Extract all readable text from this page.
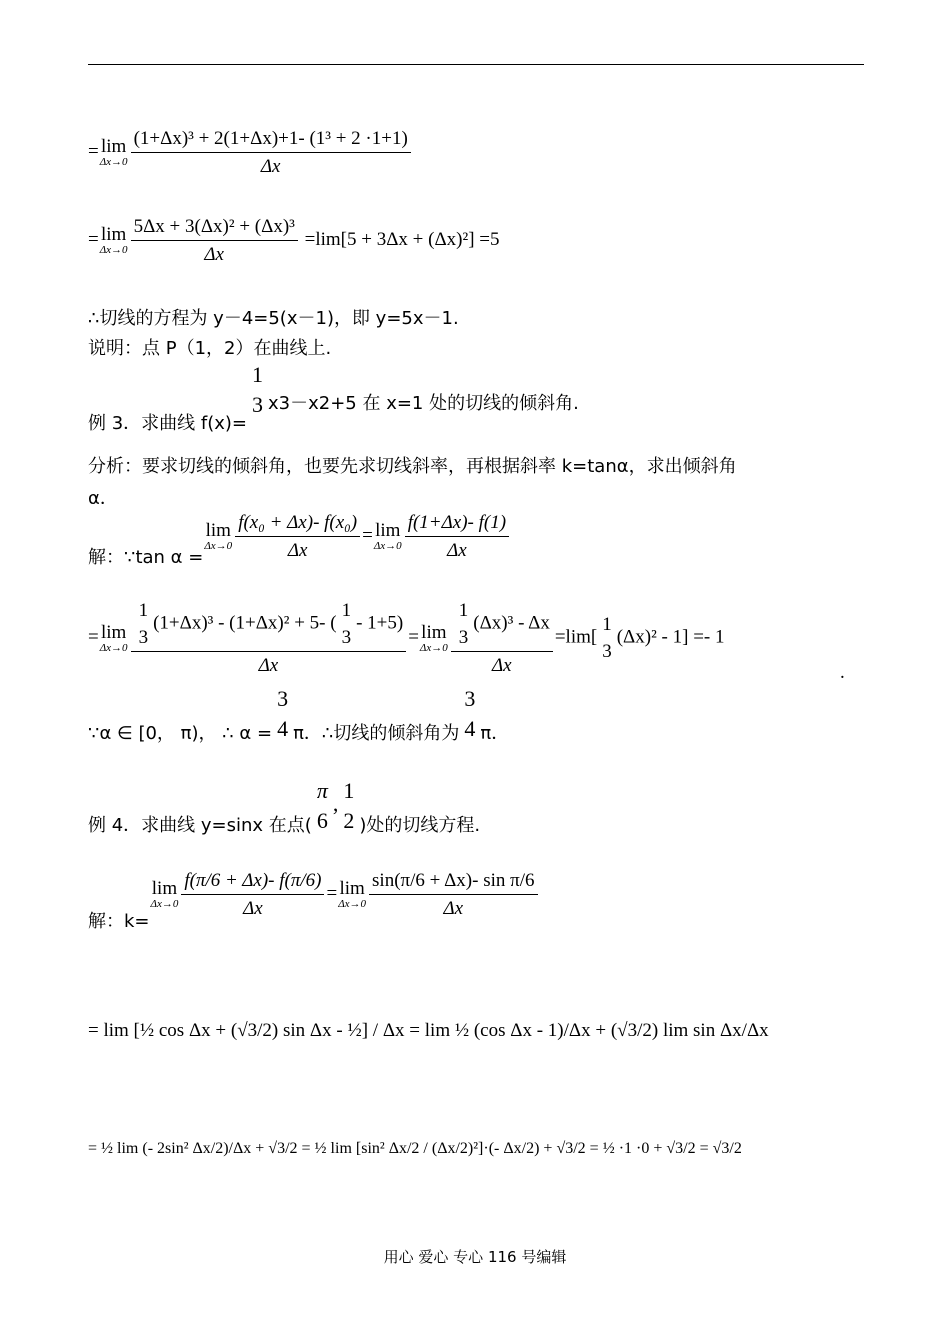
= lim
$\Delta x\to 0 \frac{\text{(1+Δx)³ + 2(1+Δx)+1- (1³ + 2 ·1+1)}}{\Delta x}$
= lim
$\Delta x\to 0 \frac{\text{5Δx + 3(Δx)² + (Δx)³}}{\Delta x} =\lim[5 + 3\Delta x + (\Delta x)^2] =5$
∴切线的方程为 y－4=5(x－1)，即 y=5x－1.
说明：点 P（1，2）在曲线上.
例 3．求曲线 f(x)=
1
3 x3－x2+5 在 x=1 处的切线的倾斜角.
分析：要求切线的倾斜角，也要先求切线斜率，再根据斜率 k=tanα，求出倾斜角
α．
解：∵tan α =
lim
$\Delta x\to 0 \frac{\text{f(x₀ + Δx)- f(x₀)}}{\Delta x} = \lim$
$\Delta x\to 0 \frac{f(1+\Delta x)- f(1)}{\Delta x}$
= lim
Δx→0 1
3
(1+Δx)³ - (1+Δx)² + 5- (
1
3
- 1+5)
Δx = lim
Δx→0 1
3
(Δx)³ - Δx
Δx =lim[
1
3
(Δx)² - 1] =- 1
.
∵α ∈ [0， π)， ∴ α =
3
4 π．∴切线的倾斜角为
3
4 π．
例 4．求曲线 y=sinx 在点(
π
6
,
1
2 )处的切线方程.
解：k=
lim
$\Delta x\to 0 \frac{f(\pi/6 + \Delta x)- f(\pi/6)}{\Delta x} = \lim$
$\Delta x\to 0 \frac{\text{sin(π/6 + Δx)- sin π/6}}{\Delta x}$
= lim [½ cos Δx + (√3/2) sin Δx - ½] / Δx = lim ½ (cos Δx - 1)/Δx + (√3/2) lim sin Δx/Δx
= ½ lim (- 2sin² Δx/2)/Δx + √3/2 = ½ lim [sin² Δx/2 / (Δx/2)²]·(- Δx/2) + √3/2 = ½ ·1 ·0 + √3/2 = √3/2
用心 爱心 专心 116 号编辑
